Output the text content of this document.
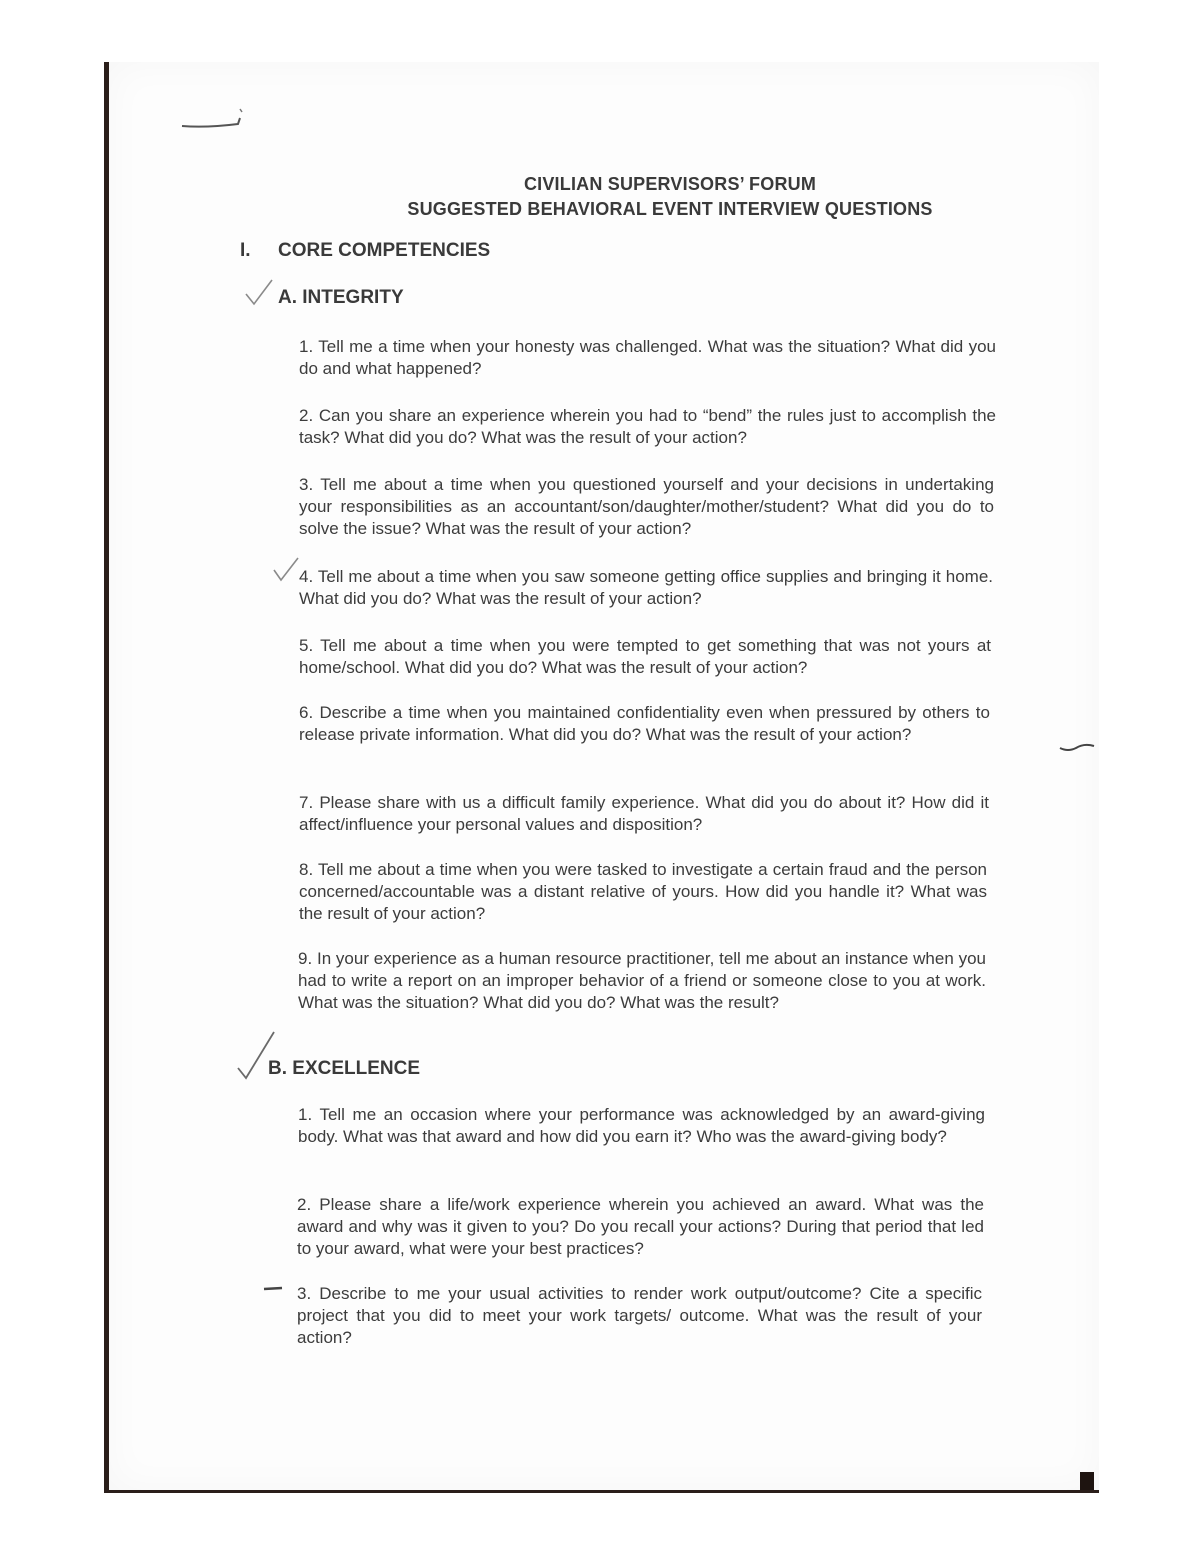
CIVILIAN SUPERVISORS’ FORUM
SUGGESTED BEHAVIORAL EVENT INTERVIEW QUESTIONS
I. CORE COMPETENCIES
A. INTEGRITY

1. Tell me a time when your honesty was challenged. What was the situation? What did you do and what happened?

2. Can you share an experience wherein you had to “bend” the rules just to accomplish the task? What did you do? What was the result of your action?

3. Tell me about a time when you questioned yourself and your decisions in undertaking your responsibilities as an accountant/son/daughter/mother/student? What did you do to solve the issue? What was the result of your action?

4. Tell me about a time when you saw someone getting office supplies and bringing it home. What did you do? What was the result of your action?

5. Tell me about a time when you were tempted to get something that was not yours at home/school. What did you do? What was the result of your action?

6. Describe a time when you maintained confidentiality even when pressured by others to release private information. What did you do? What was the result of your action?

7. Please share with us a difficult family experience. What did you do about it? How did it affect/influence your personal values and disposition?

8. Tell me about a time when you were tasked to investigate a certain fraud and the person concerned/accountable was a distant relative of yours. How did you handle it? What was the result of your action?

9. In your experience as a human resource practitioner, tell me about an instance when you had to write a report on an improper behavior of a friend or someone close to you at work. What was the situation? What did you do? What was the result?

B. EXCELLENCE

1. Tell me an occasion where your performance was acknowledged by an award-giving body. What was that award and how did you earn it? Who was the award-giving body?

2. Please share a life/work experience wherein you achieved an award. What was the award and why was it given to you? Do you recall your actions? During that period that led to your award, what were your best practices?

3. Describe to me your usual activities to render work output/outcome? Cite a specific project that you did to meet your work targets/ outcome. What was the result of your action?
